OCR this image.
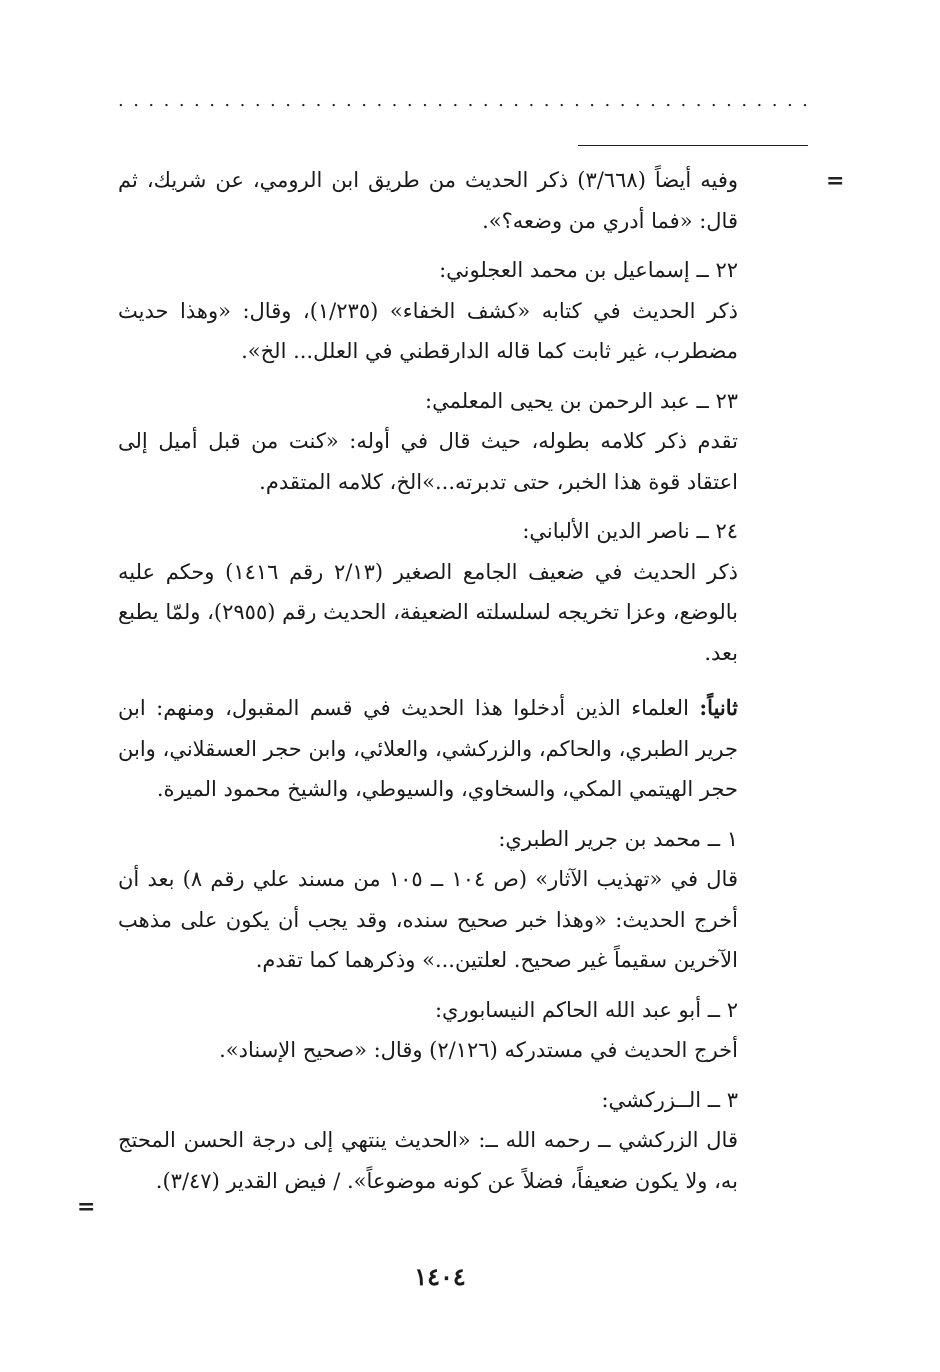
. . . . . . . . . . . . . . . . . . . . . . . . . . . . . . . . . . . . . . . . . . . . . .
=
=

وفيه أيضاً (٣/٦٦٨) ذكر الحديث من طريق ابن الرومي، عن شريك، ثم قال: «فما أدري من وضعه؟».

٢٢ ــ إسماعيل بن محمد العجلوني:

ذكر الحديث في كتابه «كشف الخفاء» (١/٢٣٥)، وقال: «وهذا حديث مضطرب، غير ثابت كما قاله الدارقطني في العلل... الخ».

٢٣ ــ عبد الرحمن بن يحيى المعلمي:

تقدم ذكر كلامه بطوله، حيث قال في أوله: «كنت من قبل أميل إلى اعتقاد قوة هذا الخبر، حتى تدبرته...»الخ، كلامه المتقدم.

٢٤ ــ ناصر الدين الألباني:

ذكر الحديث في ضعيف الجامع الصغير (٢/١٣ رقم ١٤١٦) وحكم عليه بالوضع، وعزا تخريجه لسلسلته الضعيفة، الحديث رقم (٢٩٥٥)، ولمّا يطبع بعد.

ثانياً: العلماء الذين أدخلوا هذا الحديث في قسم المقبول، ومنهم: ابن جرير الطبري، والحاكم، والزركشي، والعلائي، وابن حجر العسقلاني، وابن حجر الهيتمي المكي، والسخاوي، والسيوطي، والشيخ محمود الميرة.

١ ــ محمد بن جرير الطبري:

قال في «تهذيب الآثار» (ص ١٠٤ ــ ١٠٥ من مسند علي رقم ٨) بعد أن أخرج الحديث: «وهذا خبر صحيح سنده، وقد يجب أن يكون على مذهب الآخرين سقيماً غير صحيح. لعلتين...» وذكرهما كما تقدم.

٢ ــ أبو عبد الله الحاكم النيسابوري:

أخرج الحديث في مستدركه (٢/١٢٦) وقال: «صحيح الإسناد».

٣ ــ الــزركشي:

قال الزركشي ــ رحمه الله ــ: «الحديث ينتهي إلى درجة الحسن المحتج به، ولا يكون ضعيفاً، فضلاً عن كونه موضوعاً». / فيض القدير (٣/٤٧).

١٤٠٤
